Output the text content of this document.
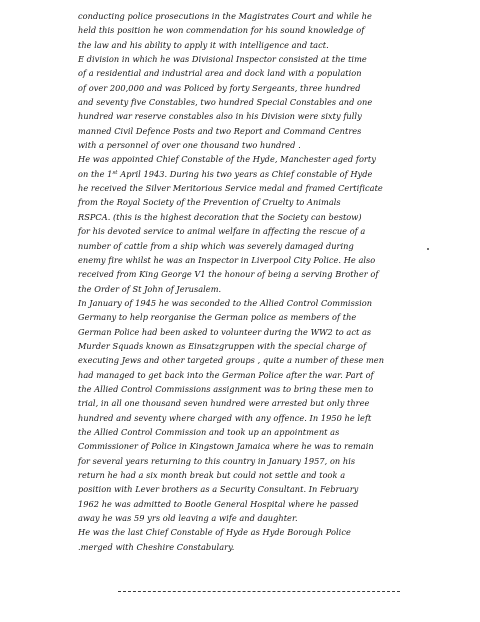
conducting police prosecutions in the Magistrates Court and while he
held this position he won commendation for his sound knowledge of
the law and his ability to apply it with intelligence and tact.
E division in which he was Divisional Inspector consisted at the time
of a residential and industrial area and dock land with a population
of over 200,000 and was Policed by forty Sergeants, three hundred
and seventy five Constables, two hundred Special Constables and one
hundred war reserve constables also in his Division were sixty fully
manned Civil Defence Posts and two Report and Command Centres
with a personnel of over one thousand two hundred .
He was appointed Chief Constable of the Hyde, Manchester aged forty
on the 1st April 1943. During his two years as Chief constable of Hyde
he received the Silver Meritorious Service medal and framed Certificate
from the Royal Society of the Prevention of Cruelty to Animals
RSPCA. (this is the highest decoration that the Society can bestow)
for his devoted service to animal welfare in affecting the rescue of a
number of cattle from a ship which was severely damaged during
enemy fire whilst he was an Inspector in Liverpool City Police. He also
received from King George V1 the honour of being a serving Brother of
the Order of St John of Jerusalem.
In January of 1945 he was seconded to the Allied Control Commission
Germany to help reorganise the German police as members of the
German Police had been asked to volunteer during the WW2 to act as
Murder Squads known as Einsatzgruppen with the special charge of
executing Jews and other targeted groups , quite a number of these men
had managed to get back into the German Police after the war. Part of
the Allied Control Commissions assignment was to bring these men to
trial, in all one thousand seven hundred were arrested but only three
hundred and seventy where charged with any offence. In 1950 he left
the Allied Control Commission and took up an appointment as
Commissioner of Police in Kingstown Jamaica where he was to remain
for several years returning to this country in January 1957, on his
return he had a six month break but could not settle and took a
position with Lever brothers as a Security Consultant. In February
1962 he was admitted to Bootle General Hospital where he passed
away he was 59 yrs old leaving a wife and daughter.
He was the last Chief Constable of Hyde as Hyde Borough Police
.merged with Cheshire Constabulary.
